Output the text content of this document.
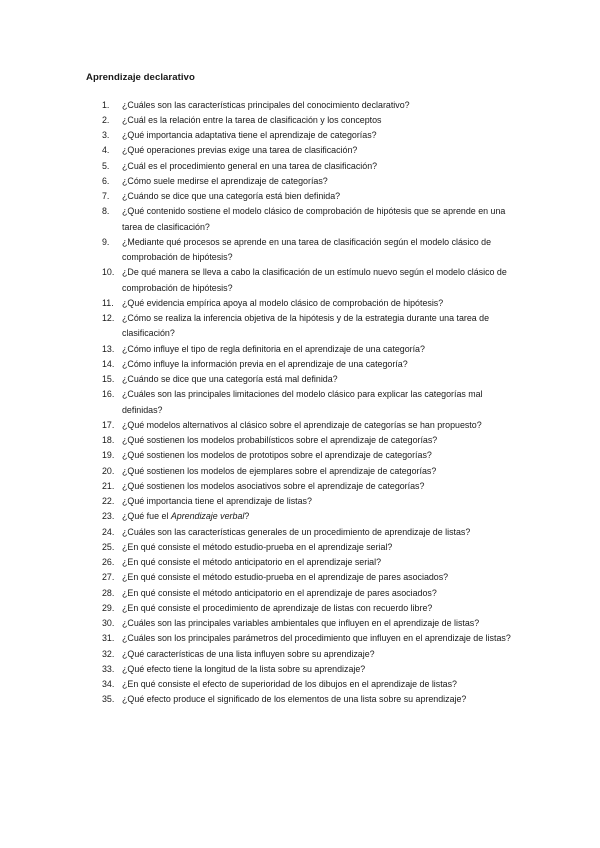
Aprendizaje declarativo
1.	¿Cuáles son las características principales del conocimiento declarativo?
2.	¿Cuál es la relación entre la tarea de clasificación y los conceptos
3.	¿Qué importancia adaptativa tiene el aprendizaje de categorías?
4.	¿Qué operaciones previas exige una tarea de clasificación?
5.	¿Cuál es el procedimiento general en una tarea de clasificación?
6.	¿Cómo suele medirse el aprendizaje de categorías?
7.	¿Cuándo se dice que una categoría está bien definida?
8.	¿Qué contenido sostiene el modelo clásico de comprobación de hipótesis que se aprende en una tarea de clasificación?
9.	¿Mediante qué procesos se aprende en una tarea de clasificación según el modelo clásico de comprobación de hipótesis?
10. ¿De qué manera se lleva a cabo la clasificación de un estímulo nuevo según el modelo clásico de comprobación de hipótesis?
11. ¿Qué evidencia empírica apoya al modelo clásico de comprobación de hipótesis?
12. ¿Cómo se realiza la inferencia objetiva de la hipótesis y de la estrategia durante una tarea de clasificación?
13. ¿Cómo influye el tipo de regla definitoria en el aprendizaje de una categoría?
14. ¿Cómo influye la información previa en el aprendizaje de una categoría?
15. ¿Cuándo se dice que una categoría está mal definida?
16. ¿Cuáles son las principales limitaciones del modelo clásico para explicar las categorías mal definidas?
17. ¿Qué modelos alternativos al clásico sobre el aprendizaje de categorías se han propuesto?
18. ¿Qué sostienen los modelos probabilísticos sobre el aprendizaje de categorías?
19. ¿Qué sostienen los modelos de prototipos sobre el aprendizaje de categorías?
20. ¿Qué sostienen los modelos de ejemplares sobre el aprendizaje de categorías?
21. ¿Qué sostienen los modelos asociativos sobre el aprendizaje de categorías?
22. ¿Qué importancia tiene el aprendizaje de listas?
23. ¿Qué fue el Aprendizaje verbal?
24. ¿Cuáles son las características generales de un procedimiento de aprendizaje de listas?
25. ¿En qué consiste el método estudio-prueba en el aprendizaje serial?
26. ¿En qué consiste el método anticipatorio en el aprendizaje serial?
27. ¿En qué consiste el método estudio-prueba en el aprendizaje de pares asociados?
28. ¿En qué consiste el método anticipatorio en el aprendizaje de pares asociados?
29. ¿En qué consiste el procedimiento de aprendizaje de listas con recuerdo libre?
30. ¿Cuáles son las principales variables ambientales que influyen en el aprendizaje de listas?
31. ¿Cuáles son los principales parámetros del procedimiento que influyen en el aprendizaje de listas?
32. ¿Qué características de una lista influyen sobre su aprendizaje?
33. ¿Qué efecto tiene la longitud de la lista sobre su aprendizaje?
34. ¿En qué consiste el efecto de superioridad de los dibujos en el aprendizaje de listas?
35. ¿Qué efecto produce el significado de los elementos de una lista sobre su aprendizaje?
